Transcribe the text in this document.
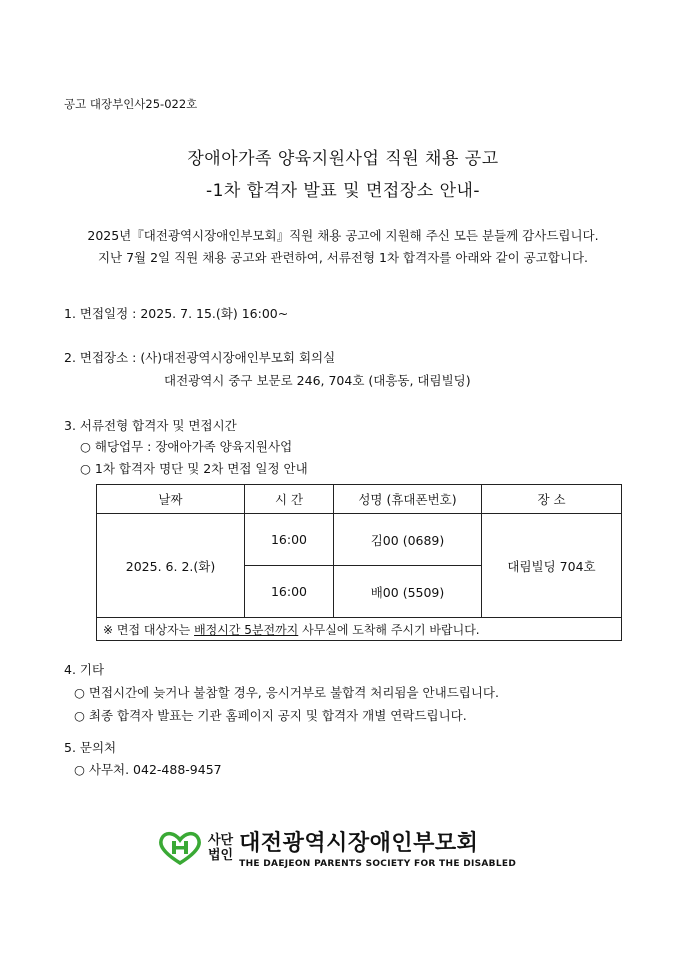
공고 대장부인사25-022호
장애아가족 양육지원사업 직원 채용 공고
-1차 합격자 발표 및 면접장소 안내-
2025년『대전광역시장애인부모회』직원 채용 공고에 지원해 주신 모든 분들께 감사드립니다.
지난 7월 2일 직원 채용 공고와 관련하여, 서류전형 1차 합격자를 아래와 같이 공고합니다.
1. 면접일정 : 2025. 7. 15.(화) 16:00~
2. 면접장소 : (사)대전광역시장애인부모회 회의실
대전광역시 중구 보문로 246, 704호 (대흥동, 대림빌딩)
3. 서류전형 합격자 및 면접시간
○ 해당업무 : 장애아가족 양육지원사업
○ 1차 합격자 명단 및 2차 면접 일정 안내
날짜	시 간	성명 (휴대폰번호)	장 소
2025. 6. 2.(화)	16:00	김00 (0689)	대림빌딩 704호
	16:00	배00 (5509)	
※ 면접 대상자는 배정시간 5분전까지 사무실에 도착해 주시기 바랍니다.			
4. 기타
○ 면접시간에 늦거나 불참할 경우, 응시거부로 불합격 처리됨을 안내드립니다.
○ 최종 합격자 발표는 기관 홈페이지 공지 및 합격자 개별 연락드립니다.
5. 문의처
○ 사무처. 042-488-9457
사단
법인 대전광역시장애인부모회
THE DAEJEON PARENTS SOCIETY FOR THE DISABLED
